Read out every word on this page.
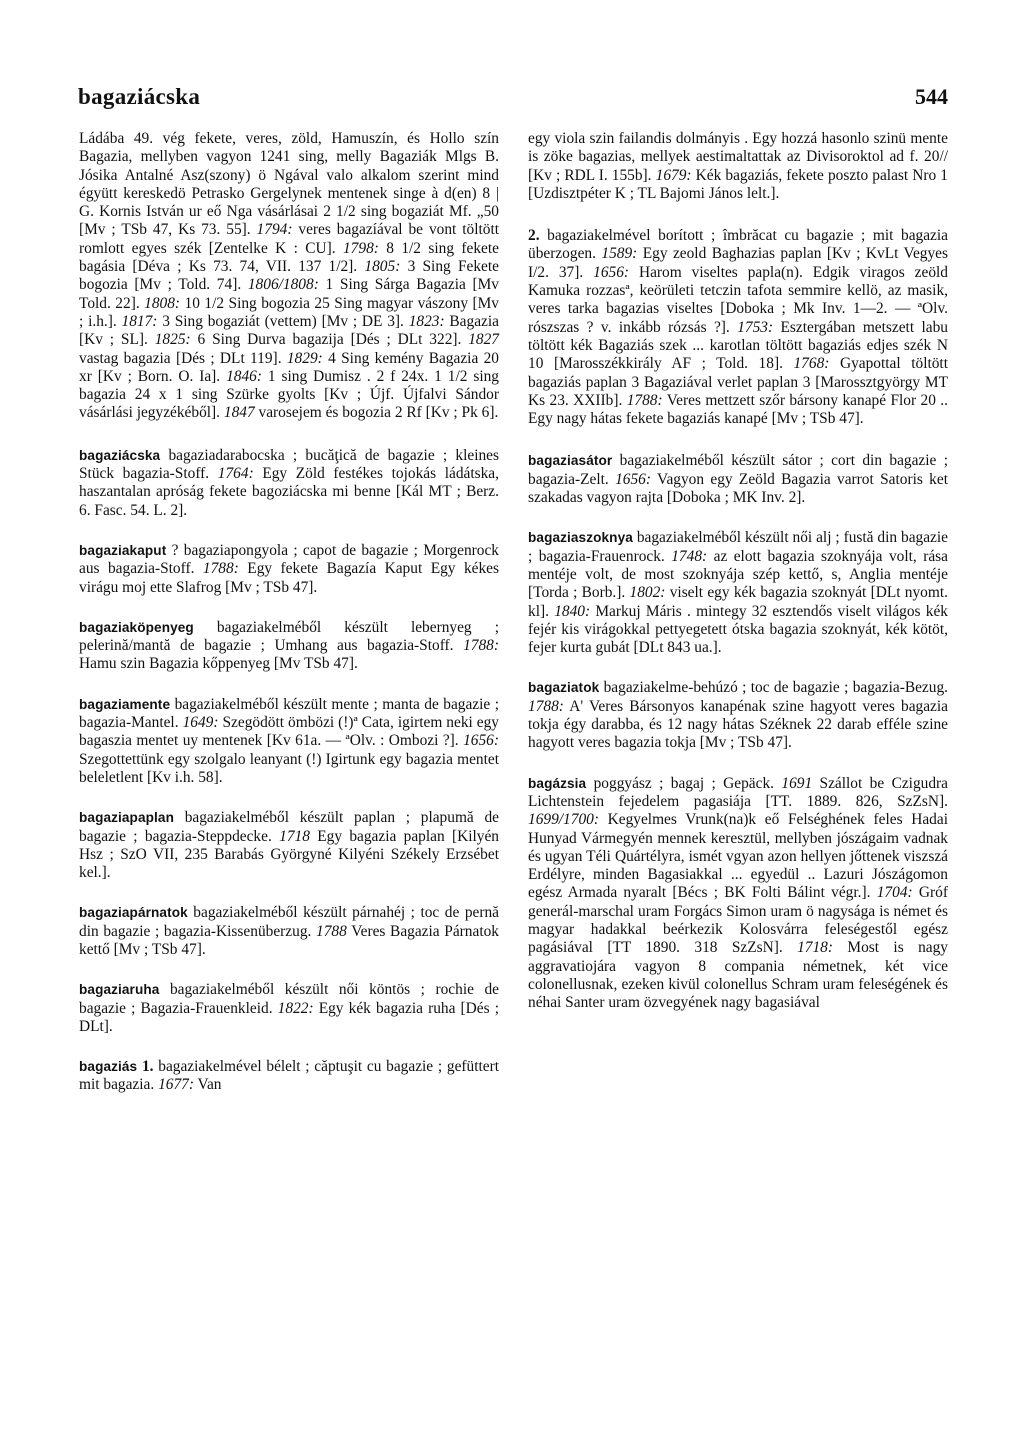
bagaziácska	544

Ládába 49. vég fekete, veres, zöld, Hamuszín, és Hollo szín Bagazia, mellyben vagyon 1241 sing, melly Bagaziák Mlgs B. Jósika Antalné Asz(szony) ö Ngával valo alkalom szerint mind égyütt kereskedö Petrasko Gergelynek mentenek singe à d(en) 8 | G. Kornis István ur eő Nga vásárlásai 2 1/2 sing bogaziát Mf. „50 [Mv ; TSb 47, Ks 73. 55]. 1794: veres bagazíával be vont töltött romlott egyes szék [Zentelke K : CU]. 1798: 8 1/2 sing fekete bagásia [Déva ; Ks 73. 74, VII. 137 1/2]. 1805: 3 Sing Fekete bogozia [Mv ; Told. 74]. 1806/1808: 1 Sing Sárga Bagazia [Mv Told. 22]. 1808: 10 1/2 Sing bogozia 25 Sing magyar vászony [Mv ; i.h.]. 1817: 3 Sing bogaziát (vettem) [Mv ; DE 3]. 1823: Bagazia [Kv ; SL]. 1825: 6 Sing Durva bagazija [Dés ; DLt 322]. 1827 vastag bagazia [Dés ; DLt 119]. 1829: 4 Sing kemény Bagazia 20 xr [Kv ; Born. O. Ia]. 1846: 1 sing Dumisz . 2 f 24x. 1 1/2 sing bagazia 24 x 1 sing Szürke gyolts [Kv ; Újf. Újfalvi Sándor vásárlási jegyzékéből]. 1847 varosejem és bogozia 2 Rf [Kv ; Pk 6].

bagaziácska bagaziadarabocska ; bucăţică de bagazie ; kleines Stück bagazia-Stoff. 1764: Egy Zöld festékes tojokás ládátska, haszantalan apróság fekete bagoziácska mi benne [Kál MT ; Berz. 6. Fasc. 54. L. 2].

bagaziakaput ? bagaziapongyola ; capot de bagazie ; Morgenrock aus bagazia-Stoff. 1788: Egy fekete Bagazía Kaput Egy kékes virágu moj ette Slafrog [Mv ; TSb 47].

bagaziaköpenyeg bagaziakelméből készült lebernyeg ; pelerină/mantă de bagazie ; Umhang aus bagazia-Stoff. 1788: Hamu szin Bagazia kőppenyeg [Mv TSb 47].

bagaziamente bagaziakelméből készült mente ; manta de bagazie ; bagazia-Mantel. 1649: Szegödött ömbözi (!)ª Cata, igirtem neki egy bagaszia mentet uy mentenek [Kv 61a. — ªOlv. : Ombozi ?]. 1656: Szegottettünk egy szolgalo leanyant (!) Igirtunk egy bagazia mentet beleletlent [Kv i.h. 58].

bagaziapaplan bagaziakelméből készült paplan ; plapumă de bagazie ; bagazia-Steppdecke. 1718 Egy bagazia paplan [Kilyén Hsz ; SzO VII, 235 Barabás Györgyné Kilyéni Székely Erzsébet kel.].

bagaziapárnatok bagaziakelméből készült párnahéj ; toc de pernă din bagazie ; bagazia-Kissenüberzug. 1788 Veres Bagazia Párnatok kettő [Mv ; TSb 47].

bagaziaruha bagaziakelméből készült női köntös ; rochie de bagazie ; Bagazia-Frauenkleid. 1822: Egy kék bagazia ruha [Dés ; DLt].

bagaziás 1. bagaziakelmével bélelt ; căptuşit cu bagazie ; gefüttert mit bagazia. 1677: Van

egy viola szin failandis dolmányis . Egy hozzá hasonlo szinü mente is zöke bagazias, mellyek aestimaltattak az Divisoroktol ad f. 20// [Kv ; RDL I. 155b]. 1679: Kék bagaziás, fekete poszto palast Nro 1 [Uzdisztpéter K ; TL Bajomi János lelt.].

2. bagaziakelmével borított ; îmbrăcat cu bagazie ; mit bagazia überzogen. 1589: Egy zeold Baghazias paplan [Kv ; KvLt Vegyes I/2. 37]. 1656: Harom viseltes papla(n). Edgik viragos zeöld Kamuka rozzasª, keörületi tetczin tafota semmire kellö, az masik, veres tarka bagazias viseltes [Doboka ; Mk Inv. 1—2. — ªOlv. rószszas ? v. inkább rózsás ?]. 1753: Esztergában metszett labu töltött kék Bagaziás szek ... karotlan töltött bagaziás edjes szék N 10 [Marosszékkirály AF ; Told. 18]. 1768: Gyapottal töltött bagaziás paplan 3 Bagaziával verlet paplan 3 [Marossztgyörgy MT Ks 23. XXIIb]. 1788: Veres mettzett szőr bársony kanapé Flor 20 .. Egy nagy hátas fekete bagaziás kanapé [Mv ; TSb 47].

bagaziasátor bagaziakelméből készült sátor ; cort din bagazie ; bagazia-Zelt. 1656: Vagyon egy Zeöld Bagazia varrot Satoris ket szakadas vagyon rajta [Doboka ; MK Inv. 2].

bagaziaszoknya bagaziakelméből készült női alj ; fustă din bagazie ; bagazia-Frauenrock. 1748: az elott bagazia szoknyája volt, rása mentéje volt, de most szoknyája szép kettő, s, Anglia mentéje [Torda ; Borb.]. 1802: viselt egy kék bagazia szoknyát [DLt nyomt. kl]. 1840: Markuj Máris . mintegy 32 esztendős viselt világos kék fejér kis virágokkal pettyegetett ótska bagazia szoknyát, kék kötöt, fejer kurta gubát [DLt 843 ua.].

bagaziatok bagaziakelme-behúzó ; toc de bagazie ; bagazia-Bezug. 1788: A' Veres Bársonyos kanapénak szine hagyott veres bagazia tokja égy darabba, és 12 nagy hátas Széknek 22 darab efféle szine hagyott veres bagazia tokja [Mv ; TSb 47].

bagázsia poggyász ; bagaj ; Gepäck. 1691 Szállot be Czigudra Lichtenstein fejedelem pagasiája [TT. 1889. 826, SzZsN]. 1699/1700: Kegyelmes Vrunk(na)k eő Felséghének feles Hadai Hunyad Vármegyén mennek keresztül, mellyben jószágaim vadnak és ugyan Téli Quártélyra, ismét vgyan azon hellyen jőttenek viszszá Erdélyre, minden Bagasiakkal ... egyedül .. Lazuri Jószágomon egész Armada nyaralt [Bécs ; BK Folti Bálint végr.]. 1704: Gróf generál-marschal uram Forgács Simon uram ö nagysága is német és magyar hadakkal beérkezik Kolosvárra feleségestől egész pagásiával [TT 1890. 318 SzZsN]. 1718: Most is nagy aggravatiojára vagyon 8 compania németnek, két vice colonellusnak, ezeken kivül colonellus Schram uram feleségének és néhai Santer uram özvegyének nagy bagasiával
